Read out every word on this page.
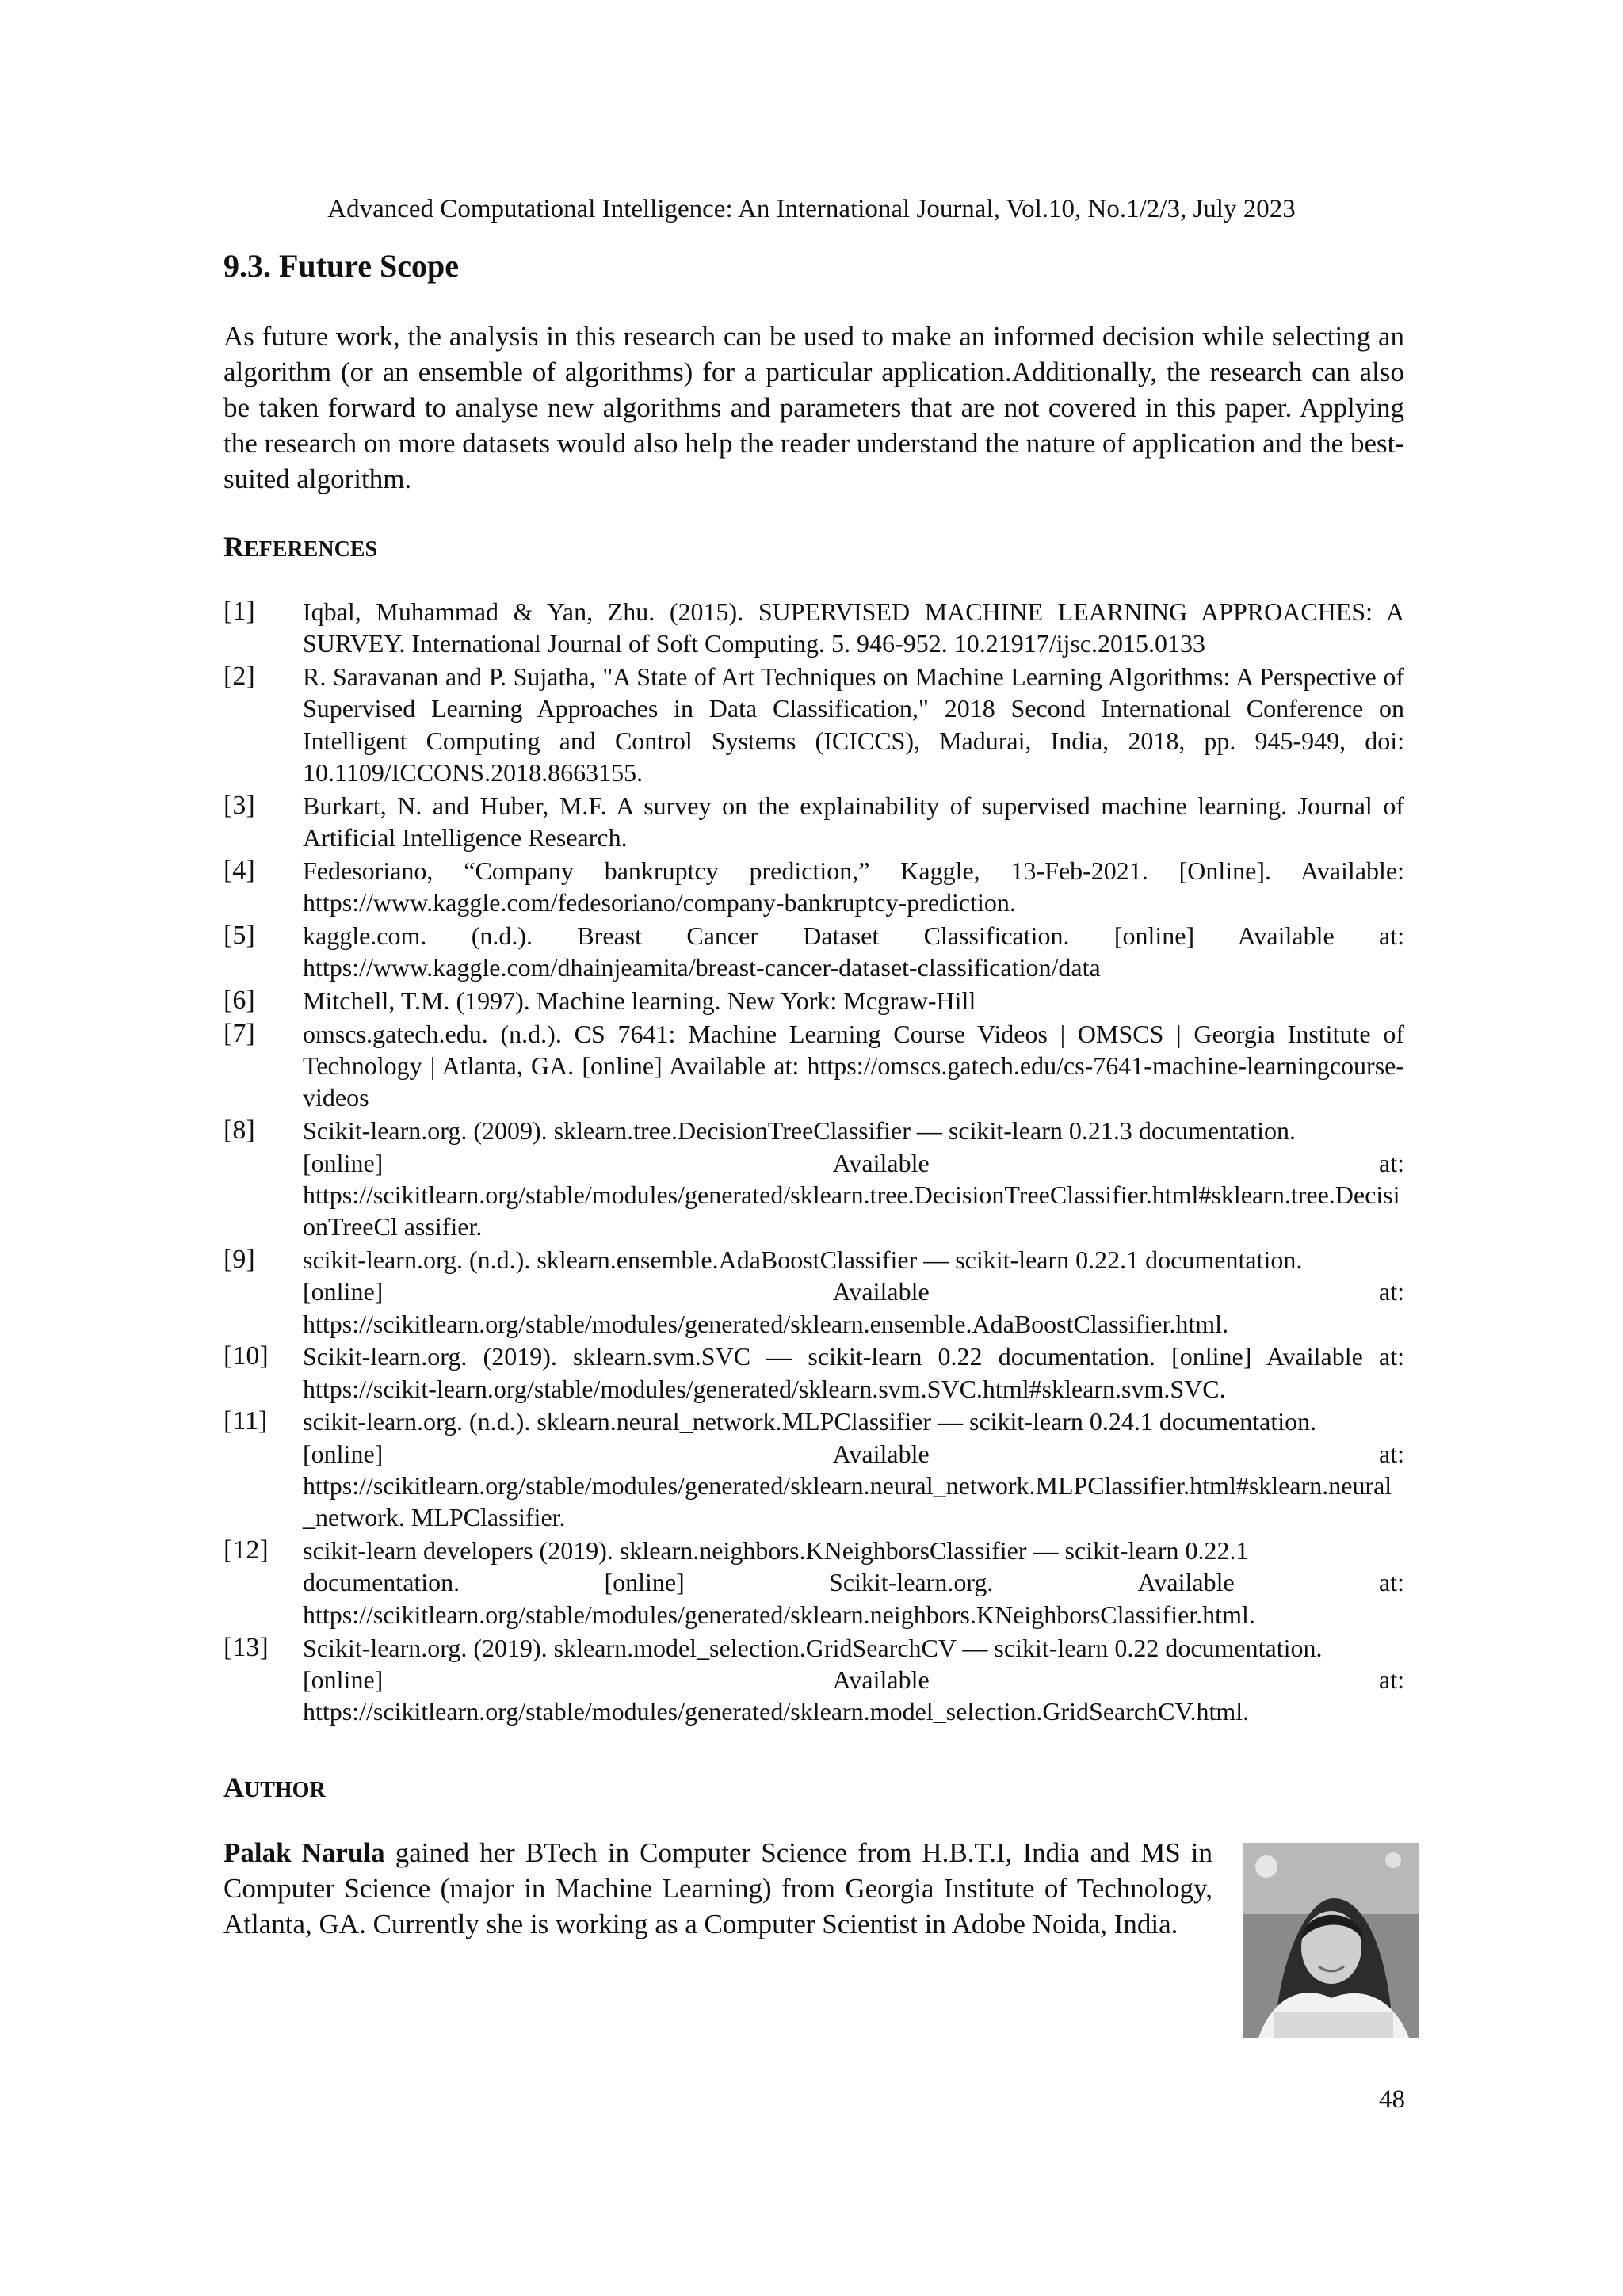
Advanced Computational Intelligence: An International Journal, Vol.10, No.1/2/3, July 2023
9.3. Future Scope

As future work, the analysis in this research can be used to make an informed decision while selecting an algorithm (or an ensemble of algorithms) for a particular application.Additionally, the research can also be taken forward to analyse new algorithms and parameters that are not covered in this paper. Applying the research on more datasets would also help the reader understand the nature of application and the best-suited algorithm.

REFERENCES
[1]	Iqbal, Muhammad & Yan, Zhu. (2015). SUPERVISED MACHINE LEARNING APPROACHES: A SURVEY. International Journal of Soft Computing. 5. 946-952. 10.21917/ijsc.2015.0133
[2]	R. Saravanan and P. Sujatha, "A State of Art Techniques on Machine Learning Algorithms: A Perspective of Supervised Learning Approaches in Data Classification," 2018 Second International Conference on Intelligent Computing and Control Systems (ICICCS), Madurai, India, 2018, pp. 945-949, doi: 10.1109/ICCONS.2018.8663155.
[3]	Burkart, N. and Huber, M.F. A survey on the explainability of supervised machine learning. Journal of Artificial Intelligence Research.
[4]	Fedesoriano, “Company bankruptcy prediction,” Kaggle, 13-Feb-2021. [Online]. Available: https://www.kaggle.com/fedesoriano/company-bankruptcy-prediction.
[5]	kaggle.com. (n.d.). Breast Cancer Dataset Classification. [online] Available at: https://www.kaggle.com/dhainjeamita/breast-cancer-dataset-classification/data
[6]	Mitchell, T.M. (1997). Machine learning. New York: Mcgraw-Hill
[7]	omscs.gatech.edu. (n.d.). CS 7641: Machine Learning Course Videos | OMSCS | Georgia Institute of Technology | Atlanta, GA. [online] Available at: https://omscs.gatech.edu/cs-7641-machine-learningcourse-videos
[8]	Scikit-learn.org. (2009). sklearn.tree.DecisionTreeClassifier — scikit-learn 0.21.3 documentation.
[online]	Available	at:
https://scikitlearn.org/stable/modules/generated/sklearn.tree.DecisionTreeClassifier.html#sklearn.tree.DecisionTreeCl assifier.
[9]	scikit-learn.org. (n.d.). sklearn.ensemble.AdaBoostClassifier — scikit-learn 0.22.1 documentation.
[online]	Available	at:
https://scikitlearn.org/stable/modules/generated/sklearn.ensemble.AdaBoostClassifier.html.
[10]	Scikit-learn.org. (2019). sklearn.svm.SVC — scikit-learn 0.22 documentation. [online] Available at: https://scikit-learn.org/stable/modules/generated/sklearn.svm.SVC.html#sklearn.svm.SVC.
[11]	scikit-learn.org. (n.d.). sklearn.neural_network.MLPClassifier — scikit-learn 0.24.1 documentation.
[online]	Available	at:
https://scikitlearn.org/stable/modules/generated/sklearn.neural_network.MLPClassifier.html#sklearn.neural_network. MLPClassifier.
[12]	scikit-learn developers (2019). sklearn.neighbors.KNeighborsClassifier — scikit-learn 0.22.1
documentation.	[online]	Scikit-learn.org.	Available	at:
https://scikitlearn.org/stable/modules/generated/sklearn.neighbors.KNeighborsClassifier.html.
[13]	Scikit-learn.org. (2019). sklearn.model_selection.GridSearchCV — scikit-learn 0.22 documentation.
[online]	Available	at:
https://scikitlearn.org/stable/modules/generated/sklearn.model_selection.GridSearchCV.html.
AUTHOR

Palak Narula gained her BTech in Computer Science from H.B.T.I, India and MS in Computer Science (major in Machine Learning) from Georgia Institute of Technology, Atlanta, GA. Currently she is working as a Computer Scientist in Adobe Noida, India.

48
